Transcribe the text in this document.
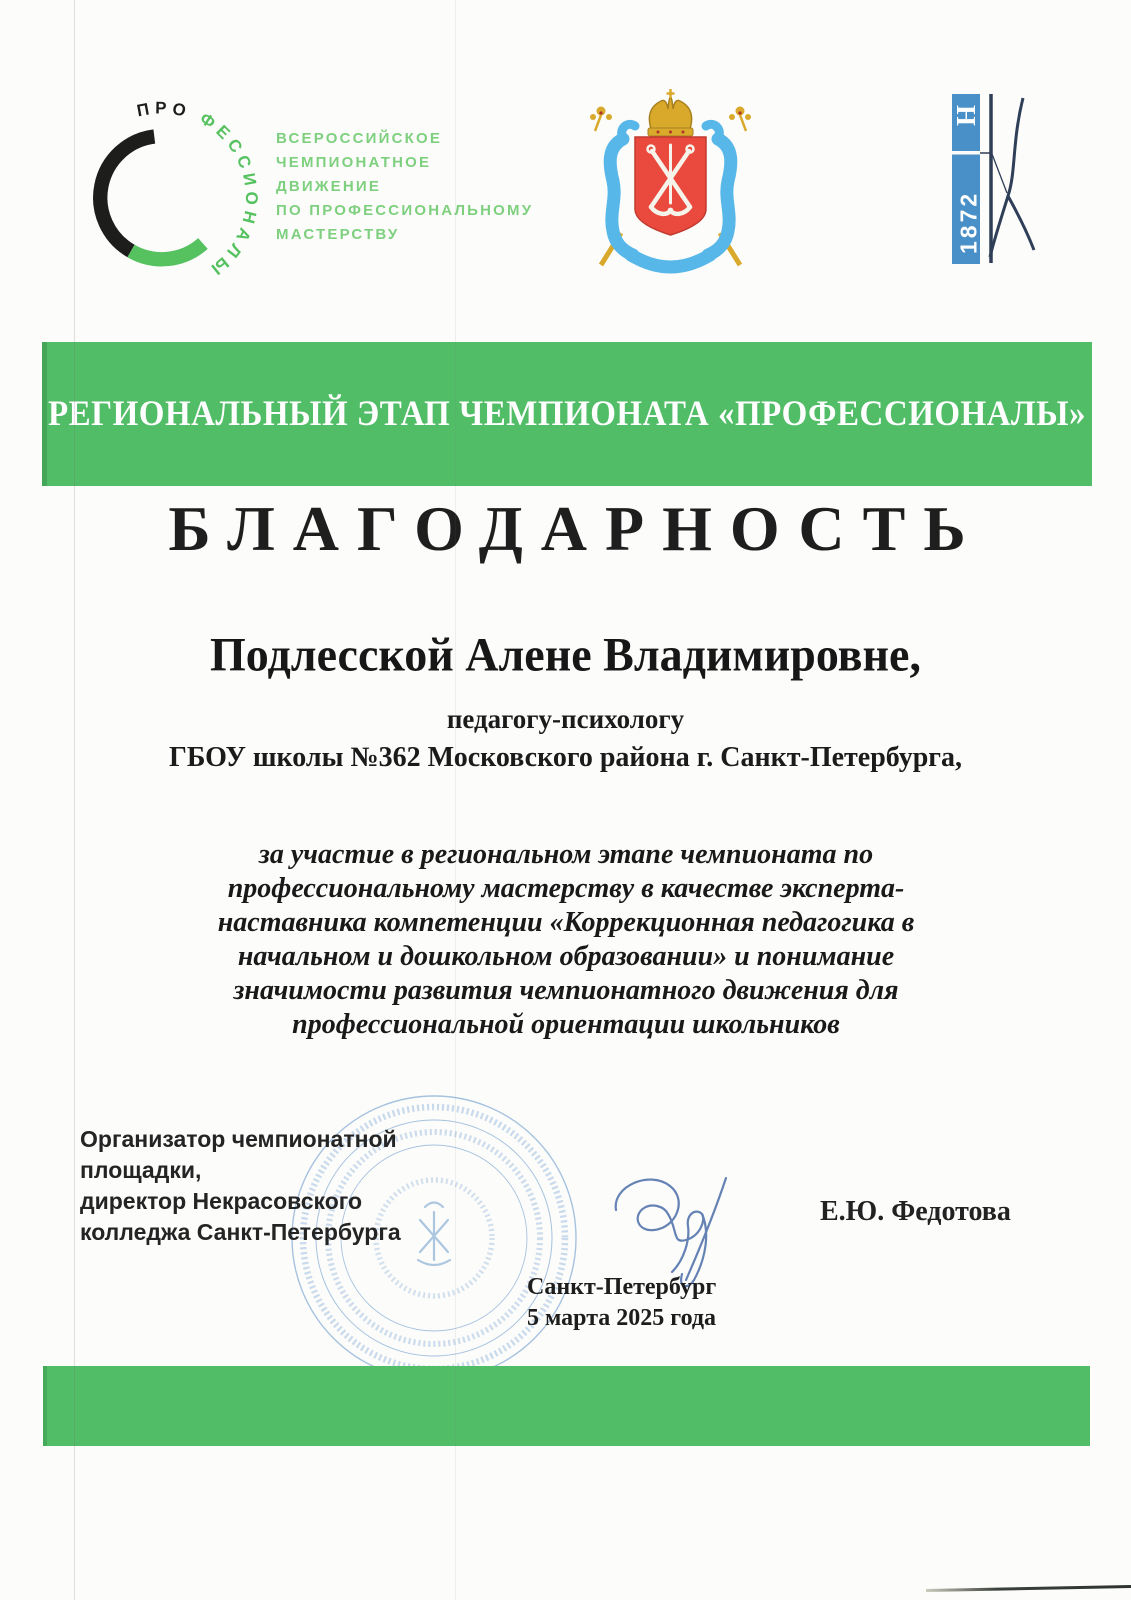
ПРО ФЕССИОНАЛЫ
ВСЕРОССИЙСКОЕ
ЧЕМПИОНАТНОЕ
ДВИЖЕНИЕ
ПО ПРОФЕССИОНАЛЬНОМУ
МАСТЕРСТВУ
Н
1872
РЕГИОНАЛЬНЫЙ ЭТАП ЧЕМПИОНАТА «ПРОФЕССИОНАЛЫ»
БЛАГОДАРНОСТЬ
Подлесской Алене Владимировне,
педагогу-психологу
ГБОУ школы №362 Московского района г. Санкт-Петербурга,
за участие в региональном этапе чемпионата по
профессиональному мастерству в качестве эксперта-
наставника компетенции «Коррекционная педагогика в
начальном и дошкольном образовании» и понимание
значимости развития чемпионатного движения для
профессиональной ориентации школьников
Организатор чемпионатной
площадки,
директор Некрасовского
колледжа Санкт-Петербурга
Е.Ю. Федотова
Санкт-Петербург
5 марта 2025 года
